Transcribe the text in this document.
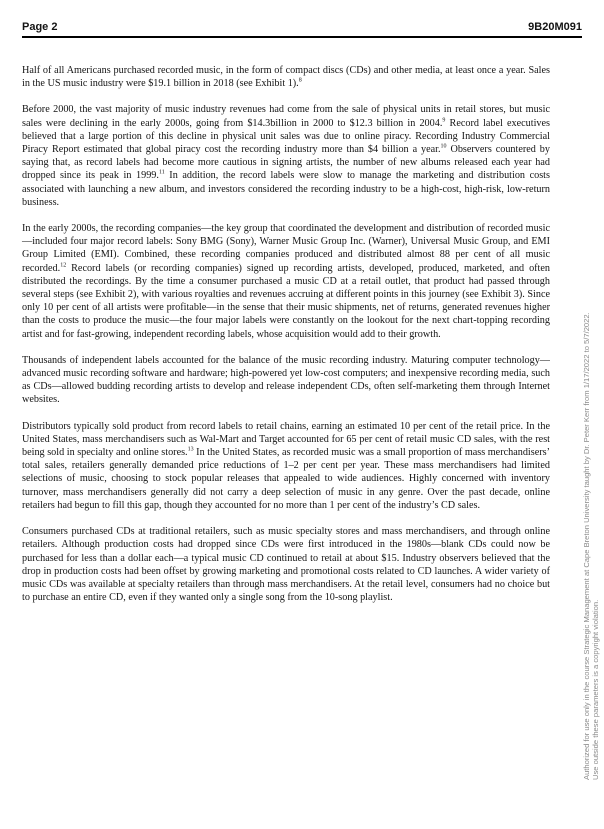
Page 2	9B20M091

Half of all Americans purchased recorded music, in the form of compact discs (CDs) and other media, at least once a year. Sales in the US music industry were $19.1 billion in 2018 (see Exhibit 1).$^8$

Before 2000, the vast majority of music industry revenues had come from the sale of physical units in retail stores, but music sales were declining in the early 2000s, going from $14.3billion in 2000 to $12.3 billion in 2004.$^9$ Record label executives believed that a large portion of this decline in physical unit sales was due to online piracy. Recording Industry Commercial Piracy Report estimated that global piracy cost the recording industry more than $4 billion a year.$^{10}$ Observers countered by saying that, as record labels had become more cautious in signing artists, the number of new albums released each year had dropped since its peak in 1999.11 In addition, the record labels were slow to manage the marketing and distribution costs associated with launching a new album, and investors considered the recording industry to be a high-cost, high-risk, low-return business.

In the early 2000s, the recording companies—the key group that coordinated the development and distribution of recorded music—included four major record labels: Sony BMG (Sony), Warner Music Group Inc. (Warner), Universal Music Group, and EMI Group Limited (EMI). Combined, these recording companies produced and distributed almost 88 per cent of all music recorded.$^{12}$ Record labels (or recording companies) signed up recording artists, developed, produced, marketed, and often distributed the recordings. By the time a consumer purchased a music CD at a retail outlet, that product had passed through several steps (see Exhibit 2), with various royalties and revenues accruing at different points in this journey (see Exhibit 3). Since only 10 per cent of all artists were profitable—in the sense that their music shipments, net of returns, generated revenues higher than the costs to produce the music—the four major labels were constantly on the lookout for the next chart-topping recording artist and for fast-growing, independent recording labels, whose acquisition would add to their growth.

Thousands of independent labels accounted for the balance of the music recording industry. Maturing computer technology—advanced music recording software and hardware; high-powered yet low-cost computers; and inexpensive recording media, such as CDs—allowed budding recording artists to develop and release independent CDs, often self-marketing them through Internet websites.

Distributors typically sold product from record labels to retail chains, earning an estimated 10 per cent of the retail price. In the United States, mass merchandisers such as Wal-Mart and Target accounted for 65 per cent of retail music CD sales, with the rest being sold in specialty and online stores.$^{13}$ In the United States, as recorded music was a small proportion of mass merchandisers’ total sales, retailers generally demanded price reductions of 1–2 per cent per year. These mass merchandisers had limited selections of music, choosing to stock popular releases that appealed to wide audiences. Highly concerned with inventory turnover, mass merchandisers generally did not carry a deep selection of music in any genre. Over the past decade, online retailers had begun to fill this gap, though they accounted for no more than 1 per cent of the industry’s CD sales.

Consumers purchased CDs at traditional retailers, such as music specialty stores and mass merchandisers, and through online retailers. Although production costs had dropped since CDs were first introduced in the 1980s—blank CDs could now be purchased for less than a dollar each—a typical music CD continued to retail at about $15. Industry observers believed that the drop in production costs had been offset by growing marketing and promotional costs related to CD launches. A wider variety of music CDs was available at specialty retailers than through mass merchandisers. At the retail level, consumers had no choice but to purchase an entire CD, even if they wanted only a single song from the 10-song playlist.	Authorized for use only in the course Strategic Management at Cape Breton University taught by Dr. Peter Kerr from 1/17/2022 to 5/7/2022. Use outside these parameters is a copyright violation.
